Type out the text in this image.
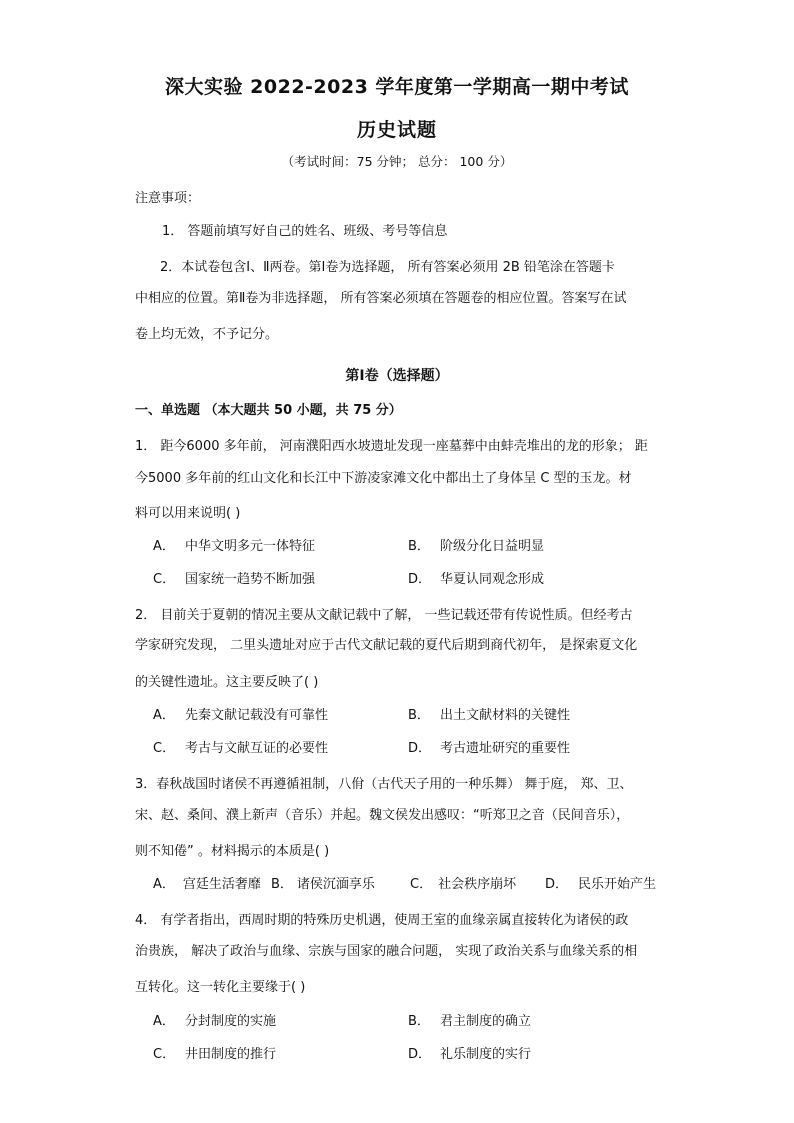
深大实验 2022-2023 学年度第一学期高一期中考试
历史试题
（考试时间：75 分钟； 总分： 100 分）
注意事项：
1． 答题前填写好自己的姓名、班级、考号等信息
2．本试卷包含Ⅰ、Ⅱ两卷。第Ⅰ卷为选择题， 所有答案必须用 2B 铅笔涂在答题卡
中相应的位置。第Ⅱ卷为非选择题， 所有答案必须填在答题卷的相应位置。答案写在试
卷上均无效，不予记分。
第Ⅰ卷（选择题）
一、单选题 （本大题共 50 小题，共 75 分）
1． 距今6000 多年前， 河南濮阳西水坡遗址发现一座墓葬中由蚌壳堆出的龙的形象； 距
今5000 多年前的红山文化和长江中下游凌家滩文化中都出土了身体呈 C 型的玉龙。材
料可以用来说明( )
A． 中华文明多元一体特征	B． 阶级分化日益明显
C． 国家统一趋势不断加强	D． 华夏认同观念形成
2． 目前关于夏朝的情况主要从文献记载中了解， 一些记载还带有传说性质。但经考古
学家研究发现， 二里头遗址对应于古代文献记载的夏代后期到商代初年， 是探索夏文化
的关键性遗址。这主要反映了( )
A． 先秦文献记载没有可靠性	B． 出土文献材料的关键性
C． 考古与文献互证的必要性	D． 考古遗址研究的重要性
3．春秋战国时诸侯不再遵循祖制，八佾（古代天子用的一种乐舞） 舞于庭， 郑、卫、
宋、赵、桑间、濮上新声（音乐）并起。魏文侯发出感叹：“听郑卫之音（民间音乐），
则不知倦” 。材料揭示的本质是( )
A． 宫廷生活奢靡 B． 诸侯沉湎享乐	C． 社会秩序崩坏 D． 民乐开始产生
4． 有学者指出，西周时期的特殊历史机遇，使周王室的血缘亲属直接转化为诸侯的政
治贵族， 解决了政治与血缘、宗族与国家的融合问题， 实现了政治关系与血缘关系的相
互转化。这一转化主要缘于( )
A． 分封制度的实施	B． 君主制度的确立
C． 井田制度的推行	D． 礼乐制度的实行
